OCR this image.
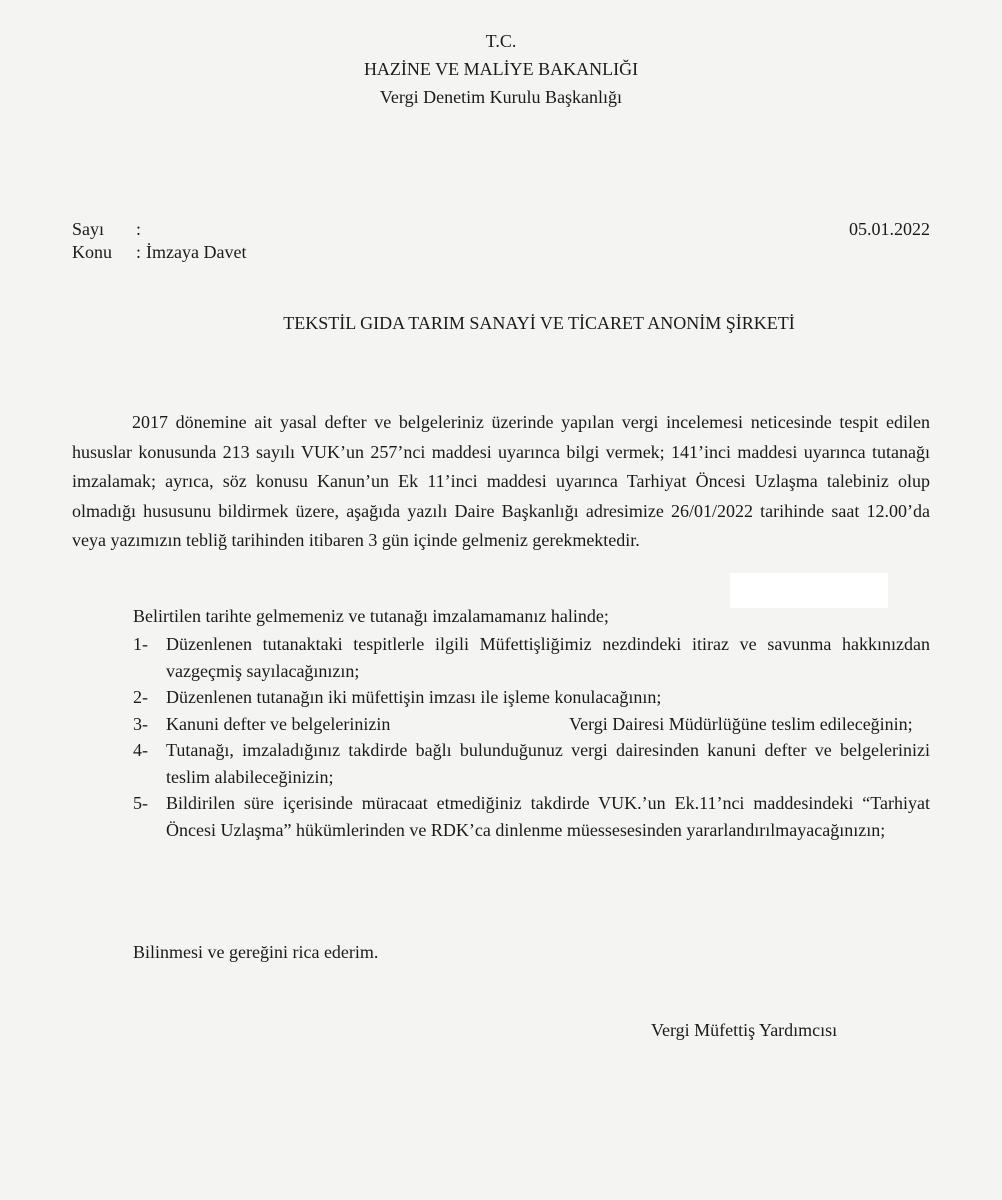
T.C.
HAZİNE VE MALİYE BAKANLIĞI
Vergi Denetim Kurulu Başkanlığı
Sayı :
Konu : İmzaya Davet
05.01.2022
TEKSTİL GIDA TARIM SANAYİ VE TİCARET ANONİM ŞİRKETİ

2017 dönemine ait yasal defter ve belgeleriniz üzerinde yapılan vergi incelemesi neticesinde tespit edilen hususlar konusunda 213 sayılı VUK’un 257’nci maddesi uyarınca bilgi vermek; 141’inci maddesi uyarınca tutanağı imzalamak; ayrıca, söz konusu Kanun’un Ek 11’inci maddesi uyarınca Tarhiyat Öncesi Uzlaşma talebiniz olup olmadığı hususunu bildirmek üzere, aşağıda yazılı Daire Başkanlığı adresimize 26/01/2022 tarihinde saat 12.00’da veya yazımızın tebliğ tarihinden itibaren 3 gün içinde gelmeniz gerekmektedir.

Belirtilen tarihte gelmemeniz ve tutanağı imzalamamanız halinde;
1- Düzenlenen tutanaktaki tespitlerle ilgili Müfettişliğimiz nezdindeki itiraz ve savunma hakkınızdan vazgeçmiş sayılacağınızın;
2- Düzenlenen tutanağın iki müfettişin imzası ile işleme konulacağının;
3- Kanuni defter ve belgelerinizin	Vergi Dairesi Müdürlüğüne teslim edileceğinin;
4- Tutanağı, imzaladığınız takdirde bağlı bulunduğunuz vergi dairesinden kanuni defter ve belgelerinizi teslim alabileceğinizin;
5- Bildirilen süre içerisinde müracaat etmediğiniz takdirde VUK.’un Ek.11’nci maddesindeki “Tarhiyat Öncesi Uzlaşma” hükümlerinden ve RDK’ca dinlenme müessesesinden yararlandırılmayacağınızın;
Bilinmesi ve gereğini rica ederim.
Vergi Müfettiş Yardımcısı
